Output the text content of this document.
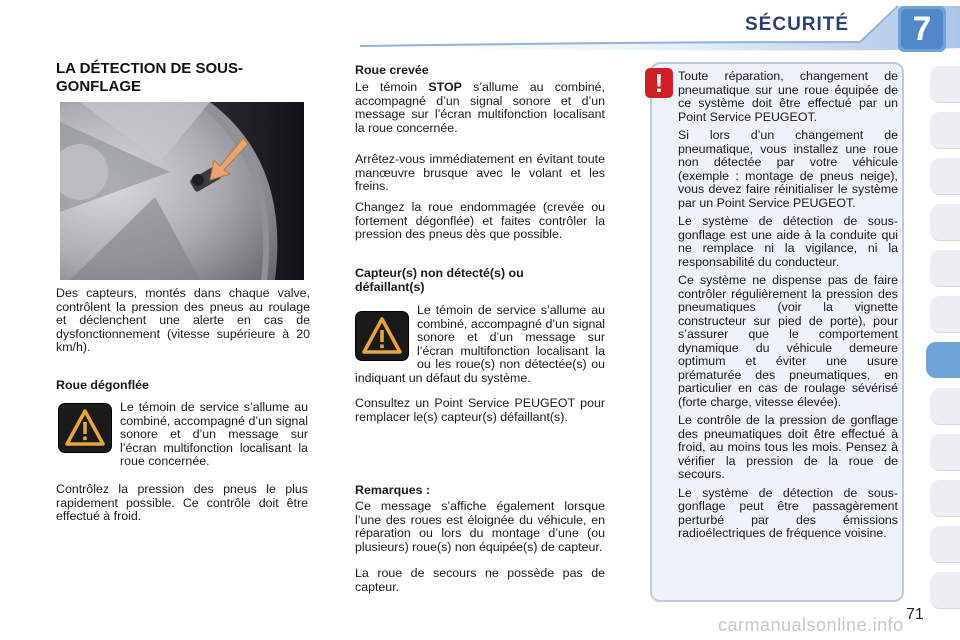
SÉCURITÉ 7
LA DÉTECTION DE SOUS-
GONFLAGE

Des capteurs, montés dans chaque valve, contrôlent la pression des pneus au roulage et déclenchent une alerte en cas de dysfonctionnement (vitesse supérieure à 20 km/h).

Roue dégonflée

Le témoin de service s’allume au combiné, accompagné d’un signal sonore et d’un message sur l’écran multifonction localisant la roue concernée.

Contrôlez la pression des pneus le plus rapidement possible. Ce contrôle doit être effectué à froid.

Roue crevée

Le témoin STOP s’allume au combiné, accompagné d’un signal sonore et d’un message sur l’écran multifonction localisant la roue concernée.

Arrêtez-vous immédiatement en évitant toute manœuvre brusque avec le volant et les freins.

Changez la roue endommagée (crevée ou fortement dégonflée) et faites contrôler la pression des pneus dès que possible.

Capteur(s) non détecté(s) ou
défaillant(s)

Le témoin de service s’allume au combiné, accompagné d’un signal sonore et d’un message sur l’écran multifonction localisant la ou les roue(s) non détectée(s) ou indiquant un défaut du système.

Consultez un Point Service PEUGEOT pour remplacer le(s) capteur(s) défaillant(s).

Remarques :

Ce message s’affiche également lorsque l’une des roues est éloignée du véhicule, en réparation ou lors du montage d’une (ou plusieurs) roue(s) non équipée(s) de capteur.

La roue de secours ne possède pas de capteur.

!	Toute réparation, changement de pneumatique sur une roue équipée de ce système doit être effectué par un Point Service PEUGEOT.

Si lors d’un changement de pneumatique, vous installez une roue non détectée par votre véhicule (exemple : montage de pneus neige), vous devez faire réinitialiser le système par un Point Service PEUGEOT.

Le système de détection de sous-gonflage est une aide à la conduite qui ne remplace ni la vigilance, ni la responsabilité du conducteur.

Ce système ne dispense pas de faire contrôler régulièrement la pression des pneumatiques (voir la vignette constructeur sur pied de porte), pour s’assurer que le comportement dynamique du véhicule demeure optimum et éviter une usure prématurée des pneumatiques, en particulier en cas de roulage sévérisé (forte charge, vitesse élevée).

Le contrôle de la pression de gonflage des pneumatiques doit être effectué à froid, au moins tous les mois. Pensez à vérifier la pression de la roue de secours.

Le système de détection de sous-gonflage peut être passagèrement perturbé par des émissions radioélectriques de fréquence voisine.

71
carmanualsonline.info
